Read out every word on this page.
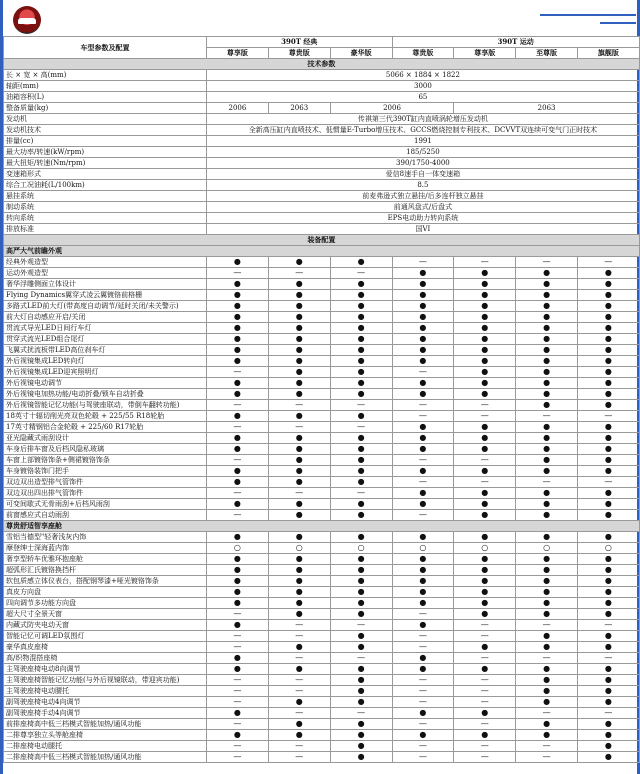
车型参数及配置	390T 经典			390T 运动			
	尊享版	尊贵版	豪华版	尊贵版	尊享版	至尊版	旗舰版
技术参数							
长 × 宽 × 高(mm)	5066 × 1884 × 1822						
轴距(mm)	3000						
油箱容积(L)	65						
整备质量(kg)	2006	2063	2006		2063		
发动机	传祺第三代390T缸内直喷涡轮增压发动机						
发动机技术	全新高压缸内直喷技术、低惯量E-Turbo增压技术、GCCS燃烧控制专利技术、DCVVT双连续可变气门正时技术						
排量(cc)	1991						
最大功率/转速(kW/rpm)	185/5250						
最大扭矩/转速(Nm/rpm)	390/1750-4000						
变速箱形式	爱信8速手自一体变速箱						
综合工况油耗(L/100km)	8.5						
悬挂系统	前麦弗逊式独立悬挂/后多连杆独立悬挂						
制动系统	前通风盘式/后盘式						
转向系统	EPS电动助力转向系统						
排放标准	国VI						
装备配置							
高严大气前瞻外观							
经典外观造型	●	●	●	—	—	—	—
运动外观造型	—	—	—	●	●	●	●
奢华浮雕侧面立体设计	●	●	●	●	●	●	●
Flying Dynamics翼穿式凌云翼镀铬前格栅	●	●	●	●	●	●	●
多路式LED前大灯(带高度自动调节/延时关闭/未关警示)	●	●	●	●	●	●	●
前大灯自动感应开启/关闭	●	●	●	●	●	●	●
贯流式导光LED日间行车灯	●	●	●	●	●	●	●
贯穿式流光LED组合尾灯	●	●	●	●	●	●	●
飞翼式扰流板带LED高位刹车灯	●	●	●	●	●	●	●
外后视镜集成LED转向灯	●	●	●	●	●	●	●
外后视镜集成LED迎宾照明灯	—	●	●	—	●	●	●
外后视镜电动调节	●	●	●	●	●	●	●
外后视镜电加热功能/电动折叠/锁车自动折叠	●	●	●	●	●	●	●
外后视镜智能记忆功能(与驾驶座联动，带倒车翻转功能)	—	—	—	—	—	●	●
18英寸十辐切削光亮双色轮毂 + 225/55 R18轮胎	●	●	●	—	—	—	—
17英寸精钢铝合金轮毂 + 225/60 R17轮胎	—	—	—	●	●	●	●
亚光隐藏式雨刮设计	●	●	●	●	●	●	●
车身后排车窗及后档风隐私玻璃	●	●	●	●	●	●	●
车窗上部镀铬饰条+侧裙镀铬饰条	—	●	●	—	—	●	●
车身镀铬装饰门把手	●	●	●	●	●	●	●
双边双出造型排气管饰件	●	●	●	—	—	—	—
双边双出四出排气管饰件	—	—	—	●	●	●	●
可变间歇式无骨雨刮+后档风雨刮	●	●	●	●	●	●	●
前窗感应式自动雨刮	—	●	●	—	●	●	●
尊贵舒适智享座舱							
雪铝当德型"轻奢浅灰内饰	●	●	●	●	●	●	●
摩登绅士深海蓝内饰	○	○	○	○	○	○	○
奢享型轿车优雅环抱座舱	●	●	●	●	●	●	●
超弧形汇氏镀铬换挡杆	●	●	●	●	●	●	●
软包质感立体仪表台，搭配钢琴漆+哑光镀铬饰条	●	●	●	●	●	●	●
真皮方向盘	●	●	●	●	●	●	●
四向调节多功能方向盘	●	●	●	●	●	●	●
超大尺寸全景天窗	—	●	●	—	●	●	●
内藏式防夹电动天窗	●	—	—	●	—	—	—
智能记忆可调LED氛围灯	—	—	●	—	—	●	●
豪华真皮座椅	—	●	●	—	●	●	●
高/织物混搭座椅	●	—	—	●	—	—	—
主驾驶座椅电动8向调节	●	●	●	●	●	●	●
主驾驶座椅智能记忆功能(与外后视镜联动，带迎宾功能)	—	—	●	—	—	●	●
主驾驶座椅电动腰托	—	—	●	—	—	●	●
副驾驶座椅电动4向调节	—	●	●	—	—	●	●
副驾驶座椅手动4向调节	●	—	—	●	●	—	—
前排座椅高中低三档模式智能加热/通风功能	—	●	●	—	—	●	●
二排尊享独立头等舱座椅	●	●	●	●	●	●	●
二排座椅电动腿托	—	—	●	—	—	—	●
二排座椅高中低三档模式智能加热/通风功能	—	—	●	—	—	—	●
